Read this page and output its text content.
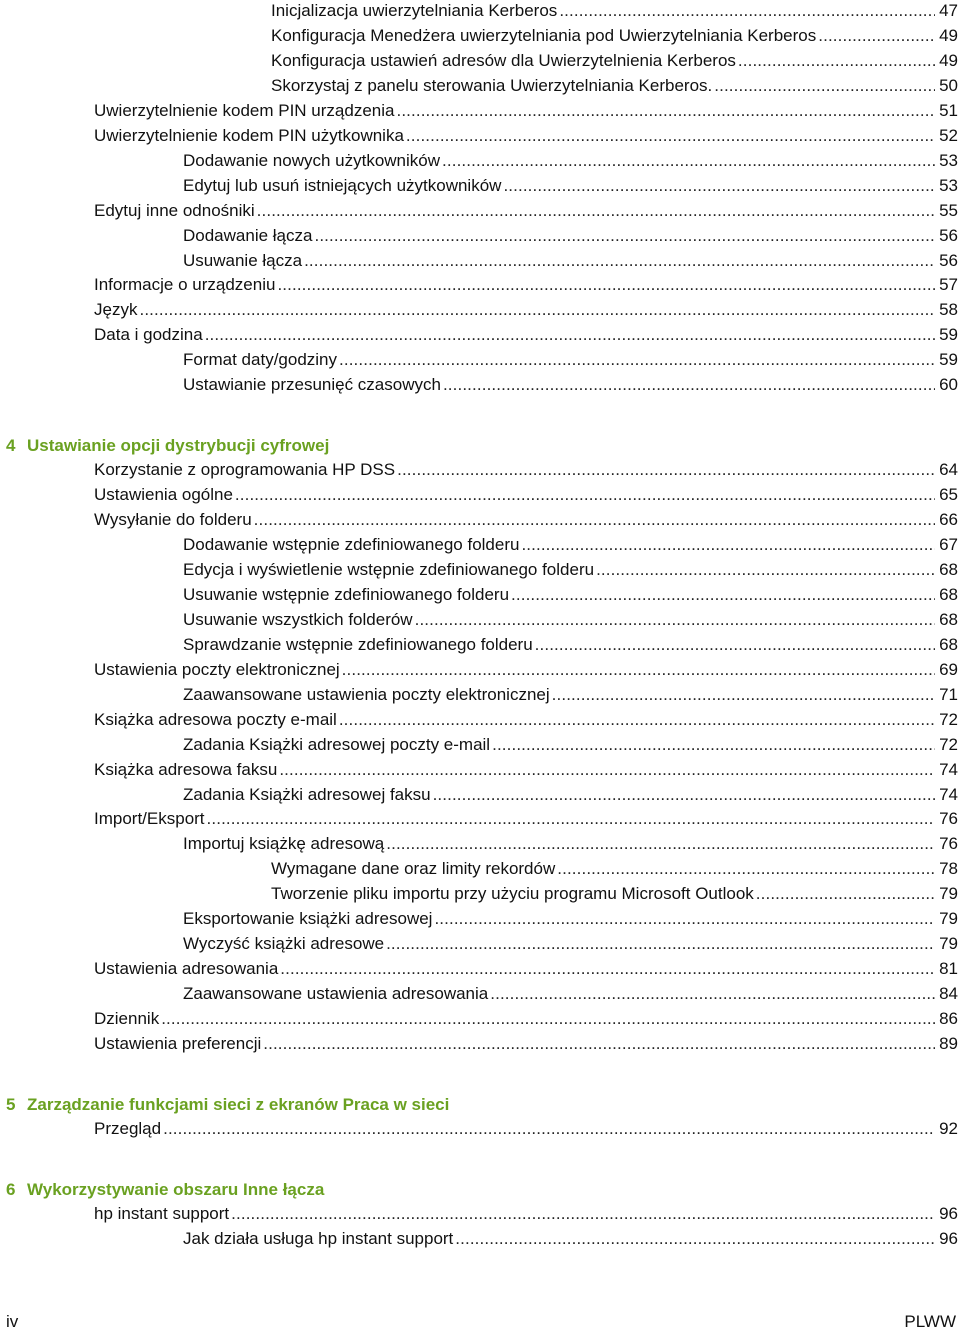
Inicjalizacja uwierzytelniania Kerberos . . .	47
Konfiguracja Menedżera uwierzytelniania pod Uwierzytelniania Kerberos . . .	49
Konfiguracja ustawień adresów dla Uwierzytelnienia Kerberos . . .	49
Skorzystaj z panelu sterowania Uwierzytelniania Kerberos. . . .	50
Uwierzytelnienie kodem PIN urządzenia . . .	51
Uwierzytelnienie kodem PIN użytkownika . . .	52
Dodawanie nowych użytkowników . . .	53
Edytuj lub usuń istniejących użytkowników . . .	53
Edytuj inne odnośniki . . .	55
Dodawanie łącza . . .	56
Usuwanie łącza . . .	56
Informacje o urządzeniu . . .	57
Język . . .	58
Data i godzina . . .	59
Format daty/godziny . . .	59
Ustawianie przesunięć czasowych . . .	60
4 Ustawianie opcji dystrybucji cyfrowej
Korzystanie z oprogramowania HP DSS . . .	64
Ustawienia ogólne . . .	65
Wysyłanie do folderu . . .	66
Dodawanie wstępnie zdefiniowanego folderu . . .	67
Edycja i wyświetlenie wstępnie zdefiniowanego folderu . . .	68
Usuwanie wstępnie zdefiniowanego folderu . . .	68
Usuwanie wszystkich folderów . . .	68
Sprawdzanie wstępnie zdefiniowanego folderu . . .	68
Ustawienia poczty elektronicznej . . .	69
Zaawansowane ustawienia poczty elektronicznej . . .	71
Książka adresowa poczty e-mail . . .	72
Zadania Książki adresowej poczty e-mail . . .	72
Książka adresowa faksu . . .	74
Zadania Książki adresowej faksu . . .	74
Import/Eksport . . .	76
Importuj książkę adresową . . .	76
Wymagane dane oraz limity rekordów . . .	78
Tworzenie pliku importu przy użyciu programu Microsoft Outlook . . .	79
Eksportowanie książki adresowej . . .	79
Wyczyść książki adresowe . . .	79
Ustawienia adresowania . . .	81
Zaawansowane ustawienia adresowania . . .	84
Dziennik . . .	86
Ustawienia preferencji . . .	89
5 Zarządzanie funkcjami sieci z ekranów Praca w sieci
Przegląd . . .	92
6 Wykorzystywanie obszaru Inne łącza
hp instant support . . .	96
Jak działa usługa hp instant support . . .	96
iv	PLWW
